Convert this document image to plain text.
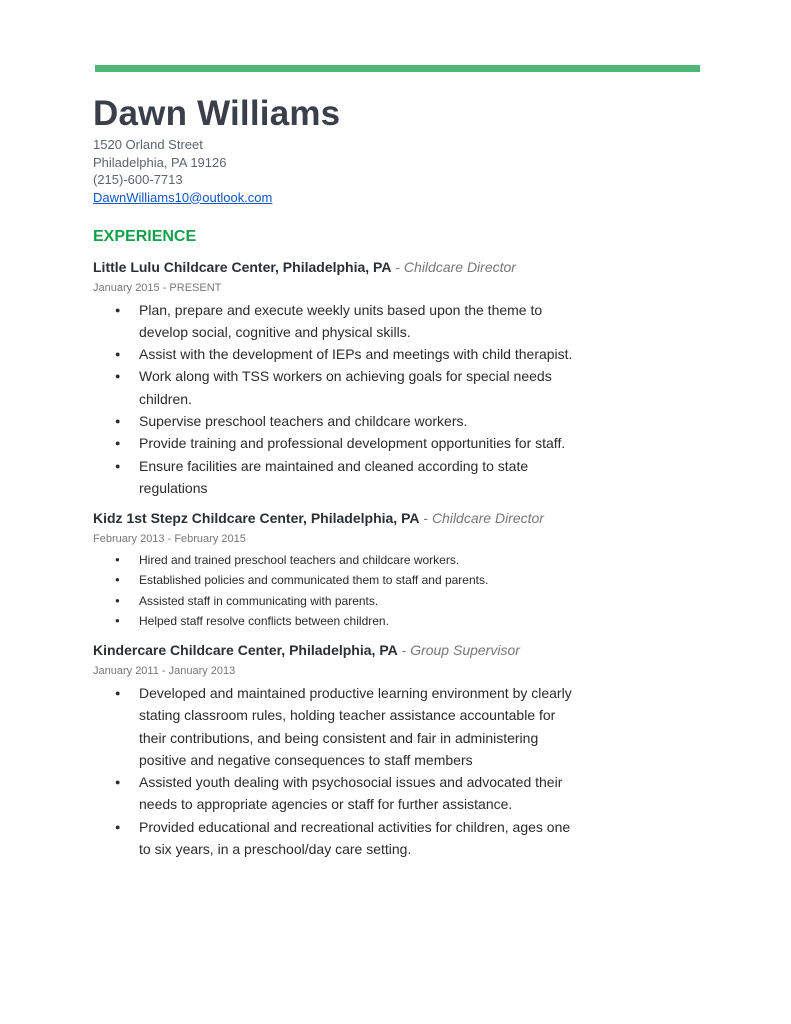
Dawn Williams
1520 Orland Street
Philadelphia, PA 19126
(215)-600-7713
DawnWilliams10@outlook.com
EXPERIENCE
Little Lulu Childcare Center, Philadelphia, PA - Childcare Director
January 2015 - PRESENT
● Plan, prepare and execute weekly units based upon the theme to develop social, cognitive and physical skills.
● Assist with the development of IEPs and meetings with child therapist.
● Work along with TSS workers on achieving goals for special needs children.
● Supervise preschool teachers and childcare workers.
● Provide training and professional development opportunities for staff.
● Ensure facilities are maintained and cleaned according to state regulations
Kidz 1st Stepz Childcare Center, Philadelphia, PA - Childcare Director
February 2013 - February 2015
● Hired and trained preschool teachers and childcare workers.
● Established policies and communicated them to staff and parents.
● Assisted staff in communicating with parents.
● Helped staff resolve conflicts between children.
Kindercare Childcare Center, Philadelphia, PA - Group Supervisor
January 2011 - January 2013
● Developed and maintained productive learning environment by clearly stating classroom rules, holding teacher assistance accountable for their contributions, and being consistent and fair in administering positive and negative consequences to staff members
● Assisted youth dealing with psychosocial issues and advocated their needs to appropriate agencies or staff for further assistance.
● Provided educational and recreational activities for children, ages one to six years, in a preschool/day care setting.
